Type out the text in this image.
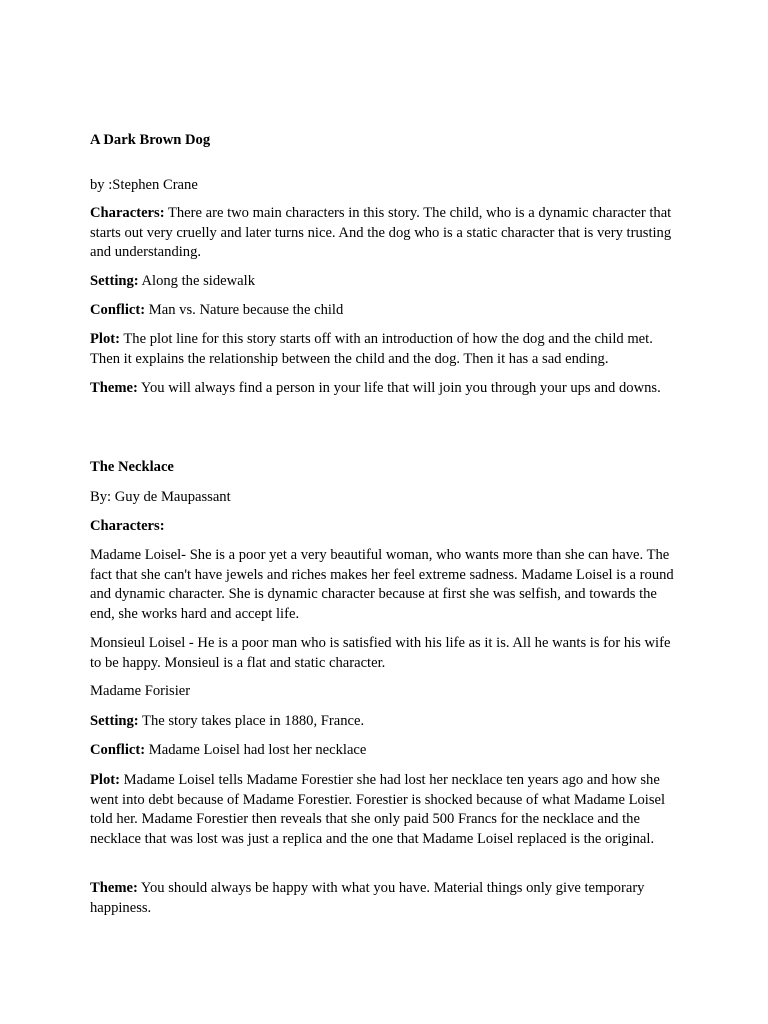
A Dark Brown Dog
by :Stephen Crane
Characters: There are two main characters in this story. The child, who is a dynamic character that starts out very cruelly and later turns nice. And the dog who is a static character that is very trusting and understanding.
Setting: Along the sidewalk
Conflict: Man vs. Nature because the child
Plot: The plot line for this story starts off with an introduction of how the dog and the child met. Then it explains the relationship between the child and the dog. Then it has a sad ending.
Theme: You will always find a person in your life that will join you through your ups and downs.
The Necklace
By: Guy de Maupassant
Characters:
Madame Loisel- She is a poor yet a very beautiful woman, who wants more than she can have. The fact that she can't have jewels and riches makes her feel extreme sadness. Madame Loisel is a round and dynamic character. She is dynamic character because at first she was selfish, and towards the end, she works hard and accept life.
Monsieul Loisel - He is a poor man who is satisfied with his life as it is. All he wants is for his wife to be happy. Monsieul is a flat and static character.
Madame Forisier
Setting: The story takes place in 1880, France.
Conflict: Madame Loisel had lost her necklace
Plot: Madame Loisel tells Madame Forestier she had lost her necklace ten years ago and how she went into debt because of Madame Forestier. Forestier is shocked because of what Madame Loisel told her. Madame Forestier then reveals that she only paid 500 Francs for the necklace and the necklace that was lost was just a replica and the one that Madame Loisel replaced is the original.
Theme: You should always be happy with what you have. Material things only give temporary happiness.
